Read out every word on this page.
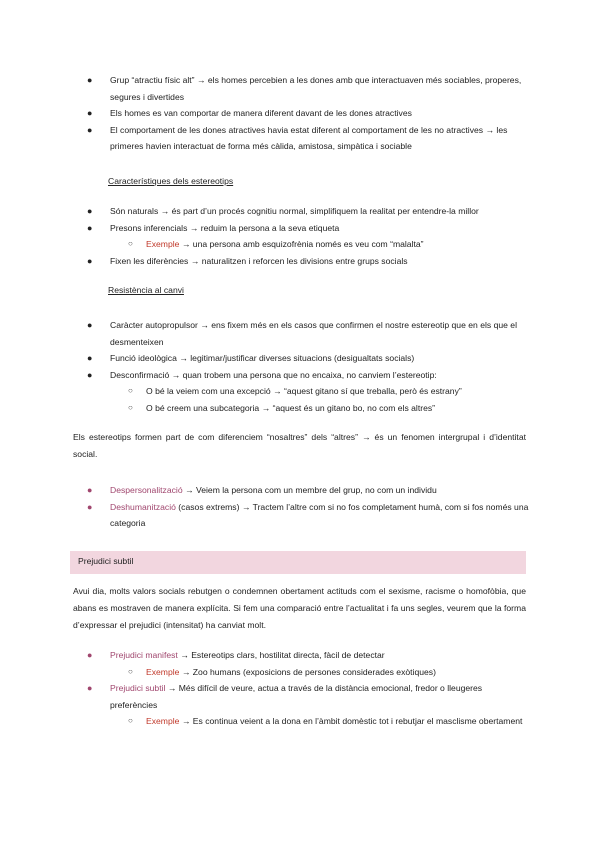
● Grup “atractiu físic alt” → els homes percebien a les dones amb que interactuaven més sociables, properes, segures i divertides
● Els homes es van comportar de manera diferent davant de les dones atractives
● El comportament de les dones atractives havia estat diferent al comportament de les no atractives → les primeres havien interactuat de forma més càlida, amistosa, simpàtica i sociable
Característiques dels estereotips
● Són naturals → és part d’un procés cognitiu normal, simplifiquem la realitat per entendre-la millor
● Presons inferencials → reduim la persona a la seva etiqueta
○ Exemple → una persona amb esquizofrènia només es veu com “malalta”
● Fixen les diferències → naturalitzen i reforcen les divisions entre grups socials
Resistència al canvi
● Caràcter autopropulsor → ens fixem més en els casos que confirmen el nostre estereotip que en els que el desmenteixen
● Funció ideològica → legitimar/justificar diverses situacions (desigualtats socials)
● Desconfirmació → quan trobem una persona que no encaixa, no canviem l’estereotip:
○ O bé la veiem com una excepció → “aquest gitano sí que treballa, però és estrany”
○ O bé creem una subcategoria → “aquest és un gitano bo, no com els altres”

Els estereotips formen part de com diferenciem “nosaltres” dels “altres” → és un fenomen intergrupal i d’identitat social.

● Despersonalització → Veiem la persona com un membre del grup, no com un individu
● Deshumanització (casos extrems) → Tractem l’altre com si no fos completament humà, com si fos només una categoria
Prejudici subtil

Avui dia, molts valors socials rebutgen o condemnen obertament actituds com el sexisme, racisme o homofòbia, que abans es mostraven de manera explícita. Si fem una comparació entre l’actualitat i fa uns segles, veurem que la forma d’expressar el prejudici (intensitat) ha canviat molt.

● Prejudici manifest → Estereotips clars, hostilitat directa, fàcil de detectar
○ Exemple → Zoo humans (exposicions de persones considerades exòtiques)
● Prejudici subtil → Més difícil de veure, actua a través de la distància emocional, fredor o lleugeres preferències
○ Exemple → Es continua veient a la dona en l’àmbit domèstic tot i rebutjar el masclisme obertament
